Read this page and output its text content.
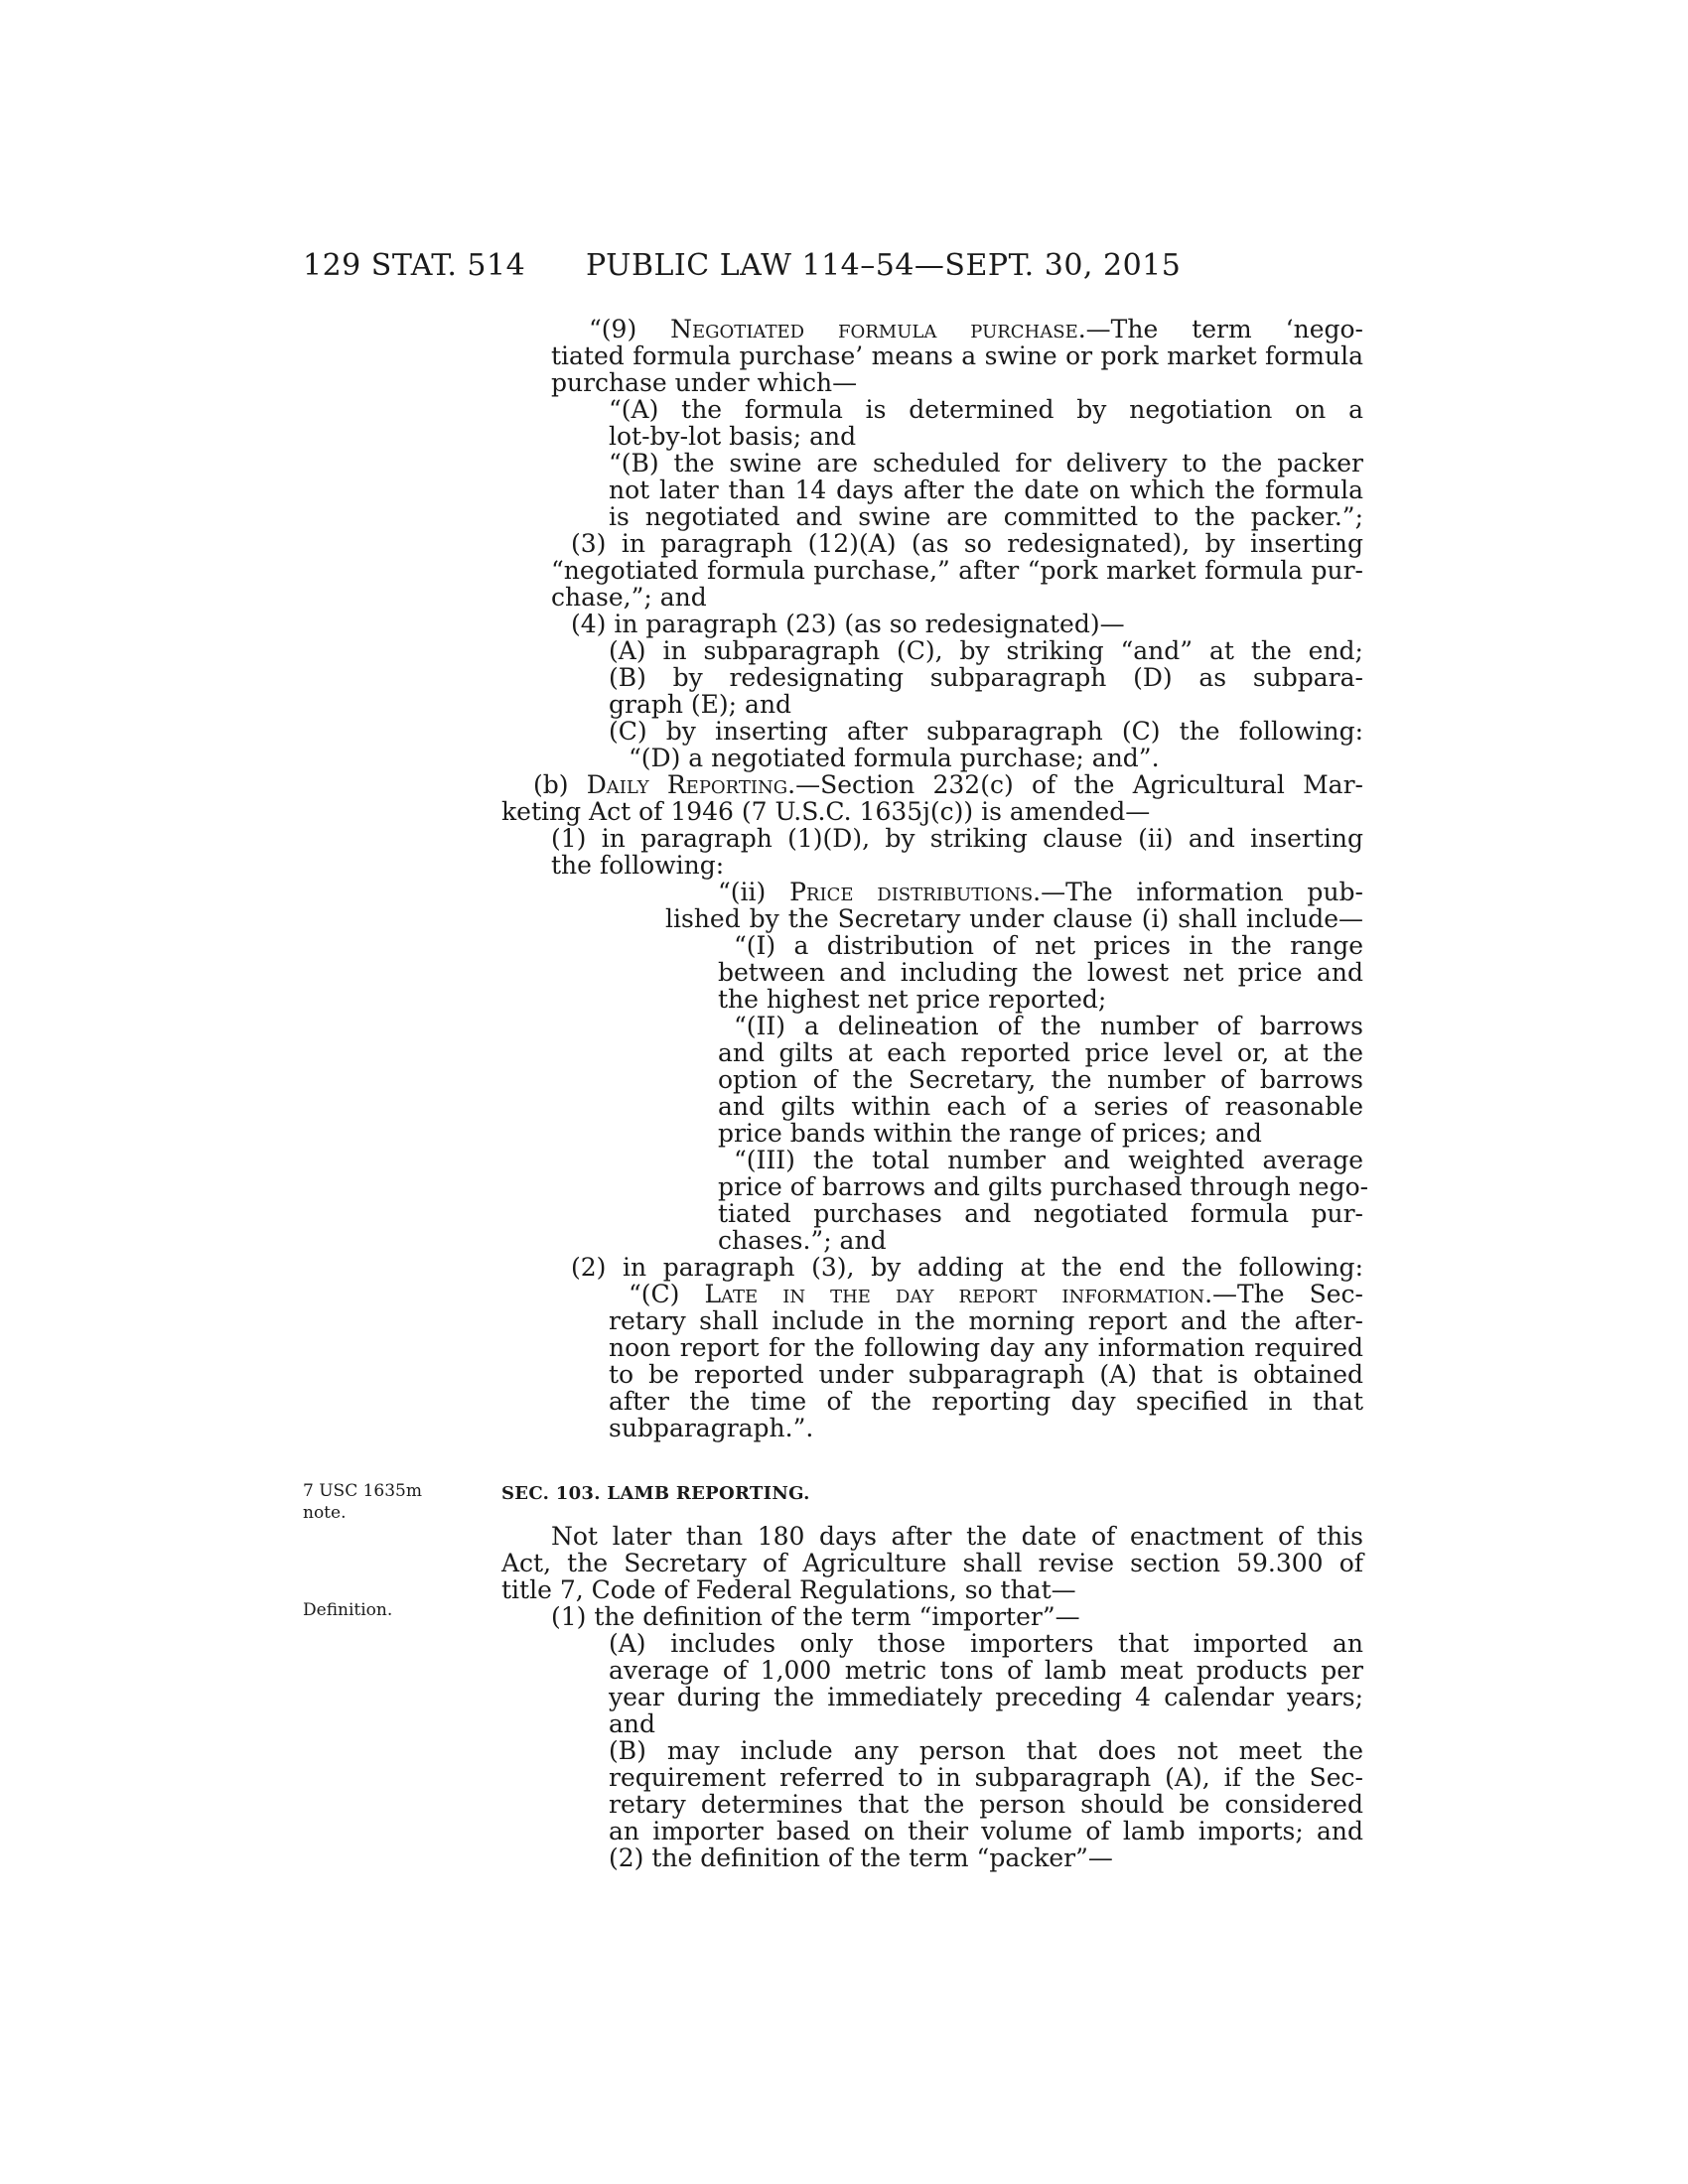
129 STAT. 514 PUBLIC LAW 114–54—SEPT. 30, 2015
7 USC 1635m
note.
Definition.
SEC. 103. LAMB REPORTING.
“(9) Negotiated formula purchase.—The term ‘nego-
tiated formula purchase’ means a swine or pork market formula
purchase under which—
“(A) the formula is determined by negotiation on a
lot-by-lot basis; and
“(B) the swine are scheduled for delivery to the packer
not later than 14 days after the date on which the formula
is negotiated and swine are committed to the packer.”;
(3) in paragraph (12)(A) (as so redesignated), by inserting
“negotiated formula purchase,” after “pork market formula pur-
chase,”; and
(4) in paragraph (23) (as so redesignated)—
(A) in subparagraph (C), by striking “and” at the end;
(B) by redesignating subparagraph (D) as subpara-
graph (E); and
(C) by inserting after subparagraph (C) the following:
“(D) a negotiated formula purchase; and”.
(b) Daily Reporting.—Section 232(c) of the Agricultural Mar-
keting Act of 1946 (7 U.S.C. 1635j(c)) is amended—
(1) in paragraph (1)(D), by striking clause (ii) and inserting
the following:
“(ii) Price distributions.—The information pub-
lished by the Secretary under clause (i) shall include—
“(I) a distribution of net prices in the range
between and including the lowest net price and
the highest net price reported;
“(II) a delineation of the number of barrows
and gilts at each reported price level or, at the
option of the Secretary, the number of barrows
and gilts within each of a series of reasonable
price bands within the range of prices; and
“(III) the total number and weighted average
price of barrows and gilts purchased through nego-
tiated purchases and negotiated formula pur-
chases.”; and
(2) in paragraph (3), by adding at the end the following:
“(C) Late in the day report information.—The Sec-
retary shall include in the morning report and the after-
noon report for the following day any information required
to be reported under subparagraph (A) that is obtained
after the time of the reporting day specified in that
subparagraph.”.
Not later than 180 days after the date of enactment of this
Act, the Secretary of Agriculture shall revise section 59.300 of
title 7, Code of Federal Regulations, so that—
(1) the definition of the term “importer”—
(A) includes only those importers that imported an
average of 1,000 metric tons of lamb meat products per
year during the immediately preceding 4 calendar years;
and
(B) may include any person that does not meet the
requirement referred to in subparagraph (A), if the Sec-
retary determines that the person should be considered
an importer based on their volume of lamb imports; and
(2) the definition of the term “packer”—
